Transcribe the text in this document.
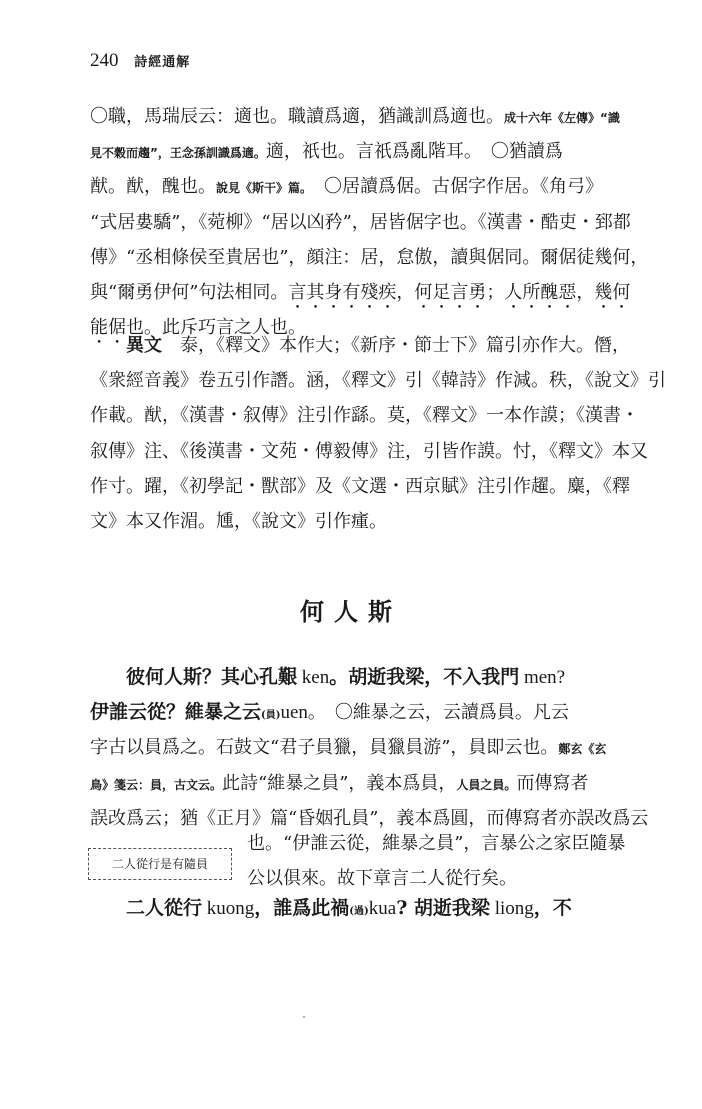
240 詩經通解
〇職，馬瑞辰云：適也。職讀爲適，猶識訓爲適也。成十六年《左傳》“識
見不穀而趨”，王念孫訓識爲適。適，祇也。言祇爲亂階耳。　〇猶讀爲
猷。猷，醜也。說見《斯干》篇。　〇居讀爲倨。古倨字作居。《角弓》
“式居婁驕”，《菀柳》“居以凶矜”，居皆倨字也。《漢書・酷吏・郅都
傳》“丞相條侯至貴居也”，顔注：居，怠傲，讀與倨同。爾倨徒幾何，
與“爾勇伊何”句法相同。言其身有殘疾，何足言勇；人所醜惡，幾何
能倨也。此斥巧言之人也。
異文　泰，《釋文》本作大；《新序・節士下》篇引亦作大。僭，
《衆經音義》卷五引作譖。涵，《釋文》引《韓詩》作減。秩，《說文》引
作載。猷，《漢書・叙傳》注引作繇。莫，《釋文》一本作謨；《漢書・
叙傳》注、《後漢書・文苑・傅毅傳》注，引皆作謨。忖，《釋文》本又
作寸。躍，《初學記・獸部》及《文選・西京賦》注引作趯。麋，《釋
文》本又作湄。尰，《說文》引作瘇。
何人斯
彼何人斯？其心孔艱 ken。胡逝我梁，不入我門 men?
伊誰云從？維暴之云(員)uen。　〇維暴之云，云讀爲員。凡云
字古以員爲之。石鼓文“君子員獵，員獵員游”，員即云也。鄭玄《玄
鳥》箋云：員，古文云。此詩“維暴之員”，義本爲員，人員之員。而傳寫者
誤改爲云；猶《正月》篇“昏姻孔員”，義本爲圓，而傳寫者亦誤改爲云
也。“伊誰云從，維暴之員”，言暴公之家臣隨暴
公以俱來。故下章言二人從行矣。
二人從行是有隨員
二人從行 kuong，誰爲此禍(過)kua? 胡逝我梁 liong，不
